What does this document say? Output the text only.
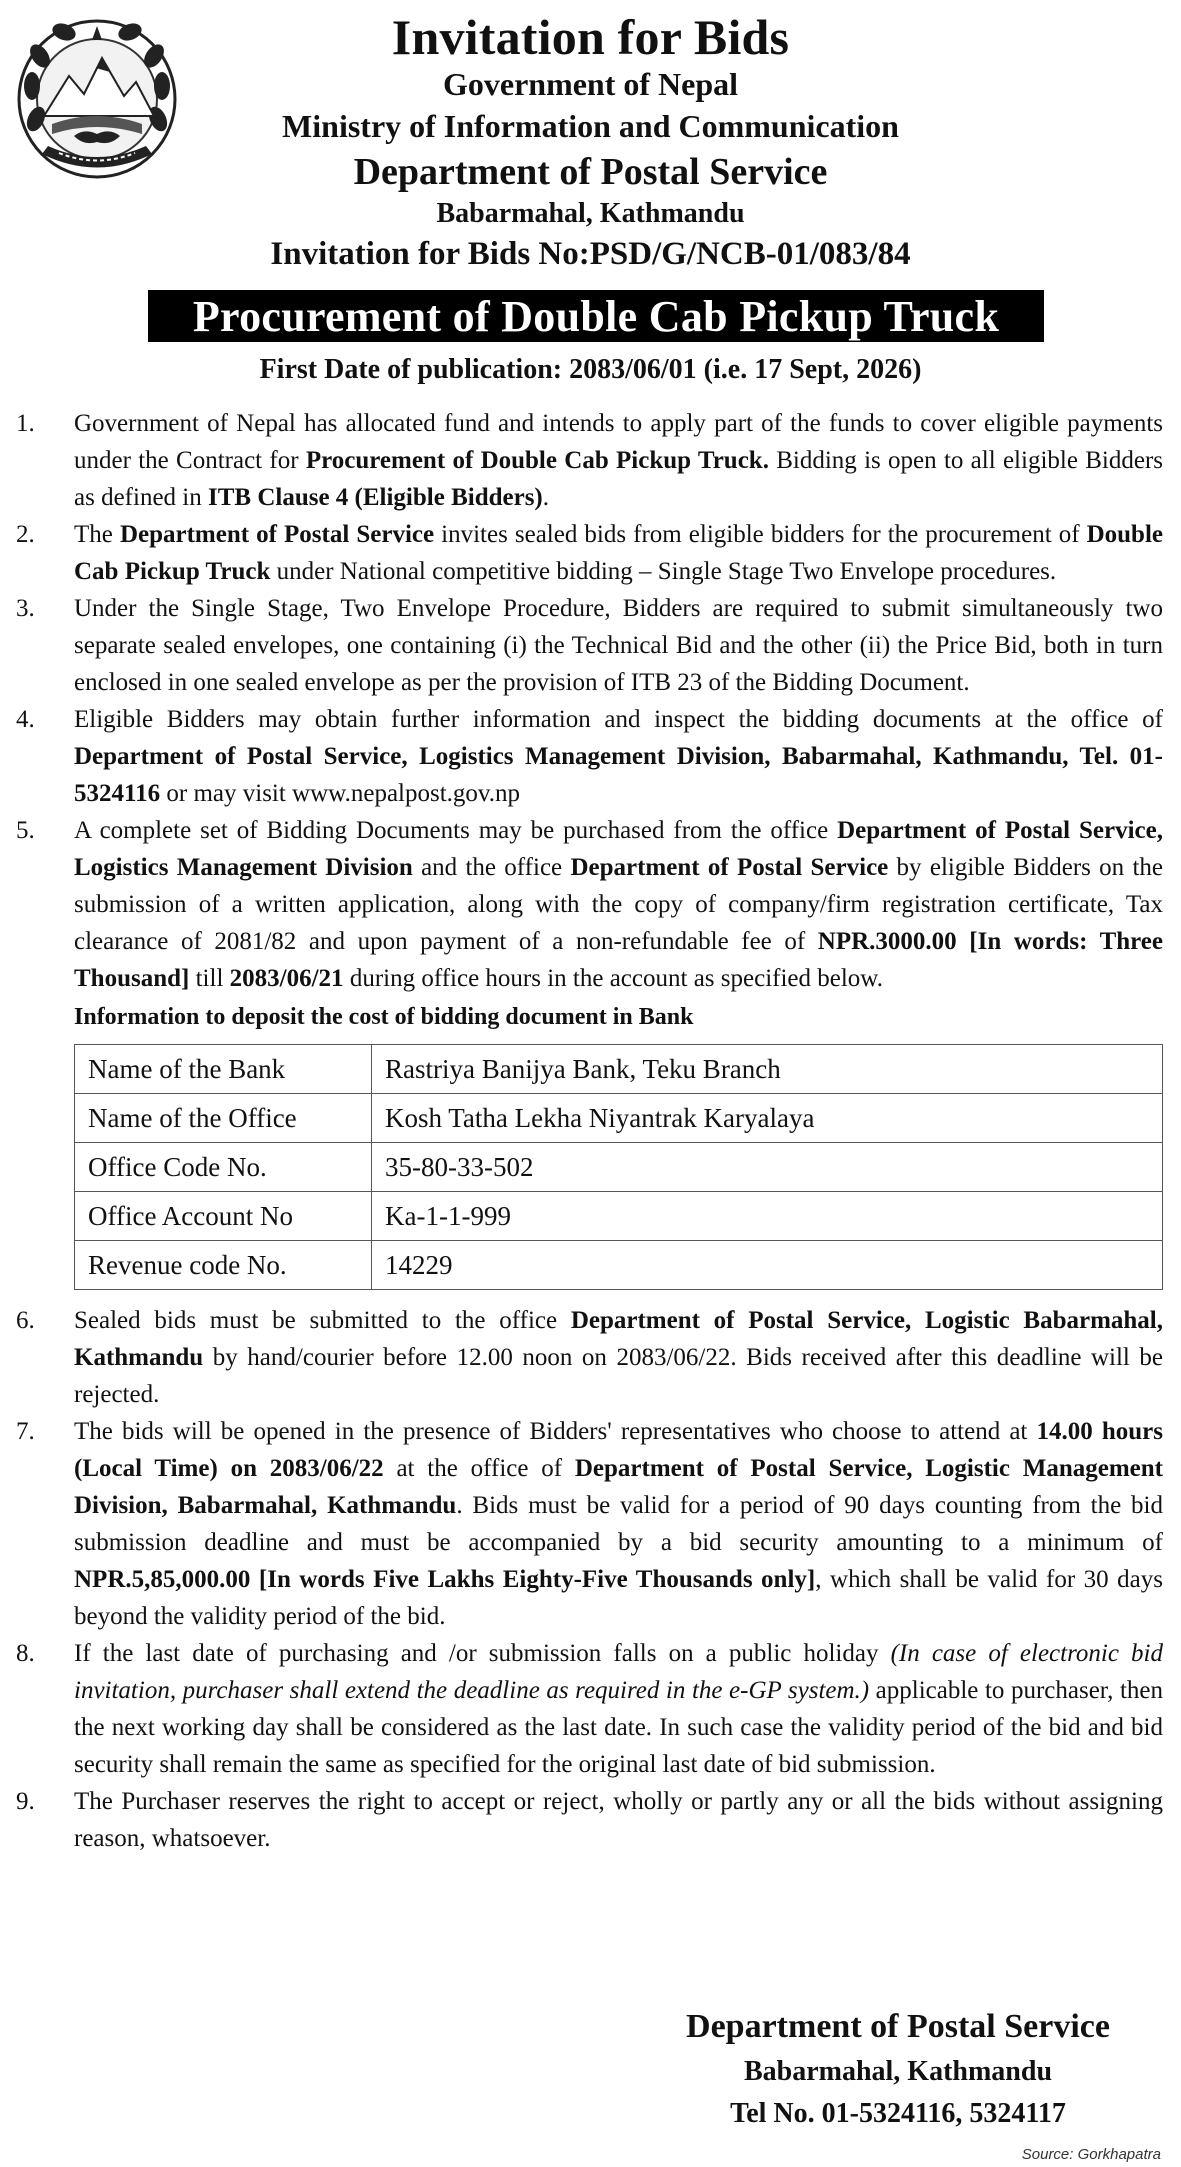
Invitation for Bids
Government of Nepal
Ministry of Information and Communication
Department of Postal Service
Babarmahal, Kathmandu
Invitation for Bids No:PSD/G/NCB-01/083/84
Procurement of Double Cab Pickup Truck
First Date of publication: 2083/06/01 (i.e. 17 Sept, 2026)
1.	Government of Nepal has allocated fund and intends to apply part of the funds to cover eligible payments under the Contract for Procurement of Double Cab Pickup Truck. Bidding is open to all eligible Bidders as defined in ITB Clause 4 (Eligible Bidders).
2.	The Department of Postal Service invites sealed bids from eligible bidders for the procurement of Double Cab Pickup Truck under National competitive bidding – Single Stage Two Envelope procedures.
3.	Under the Single Stage, Two Envelope Procedure, Bidders are required to submit simultaneously two separate sealed envelopes, one containing (i) the Technical Bid and the other (ii) the Price Bid, both in turn enclosed in one sealed envelope as per the provision of ITB 23 of the Bidding Document.
4.	Eligible Bidders may obtain further information and inspect the bidding documents at the office of Department of Postal Service, Logistics Management Division, Babarmahal, Kathmandu, Tel. 01-5324116 or may visit www.nepalpost.gov.np
5.	A complete set of Bidding Documents may be purchased from the office Department of Postal Service, Logistics Management Division and the office Department of Postal Service by eligible Bidders on the submission of a written application, along with the copy of company/firm registration certificate, Tax clearance of 2081/82 and upon payment of a non-refundable fee of NPR.3000.00 [In words: Three Thousand] till 2083/06/21 during office hours in the account as specified below.
Information to deposit the cost of bidding document in Bank
Name of the Bank	Rastriya Banijya Bank, Teku Branch
Name of the Office	Kosh Tatha Lekha Niyantrak Karyalaya
Office Code No.	35-80-33-502
Office Account No	Ka-1-1-999
Revenue code No.	14229
6.	Sealed bids must be submitted to the office Department of Postal Service, Logistic Babarmahal, Kathmandu by hand/courier before 12.00 noon on 2083/06/22. Bids received after this deadline will be rejected.
7.	The bids will be opened in the presence of Bidders' representatives who choose to attend at 14.00 hours (Local Time) on 2083/06/22 at the office of Department of Postal Service, Logistic Management Division, Babarmahal, Kathmandu. Bids must be valid for a period of 90 days counting from the bid submission deadline and must be accompanied by a bid security amounting to a minimum of NPR.5,85,000.00 [In words Five Lakhs Eighty-Five Thousands only], which shall be valid for 30 days beyond the validity period of the bid.
8.	If the last date of purchasing and /or submission falls on a public holiday (In case of electronic bid invitation, purchaser shall extend the deadline as required in the e-GP system.) applicable to purchaser, then the next working day shall be considered as the last date. In such case the validity period of the bid and bid security shall remain the same as specified for the original last date of bid submission.
9.	The Purchaser reserves the right to accept or reject, wholly or partly any or all the bids without assigning reason, whatsoever.
Department of Postal Service
Babarmahal, Kathmandu
Tel No. 01-5324116, 5324117
Source: Gorkhapatra
